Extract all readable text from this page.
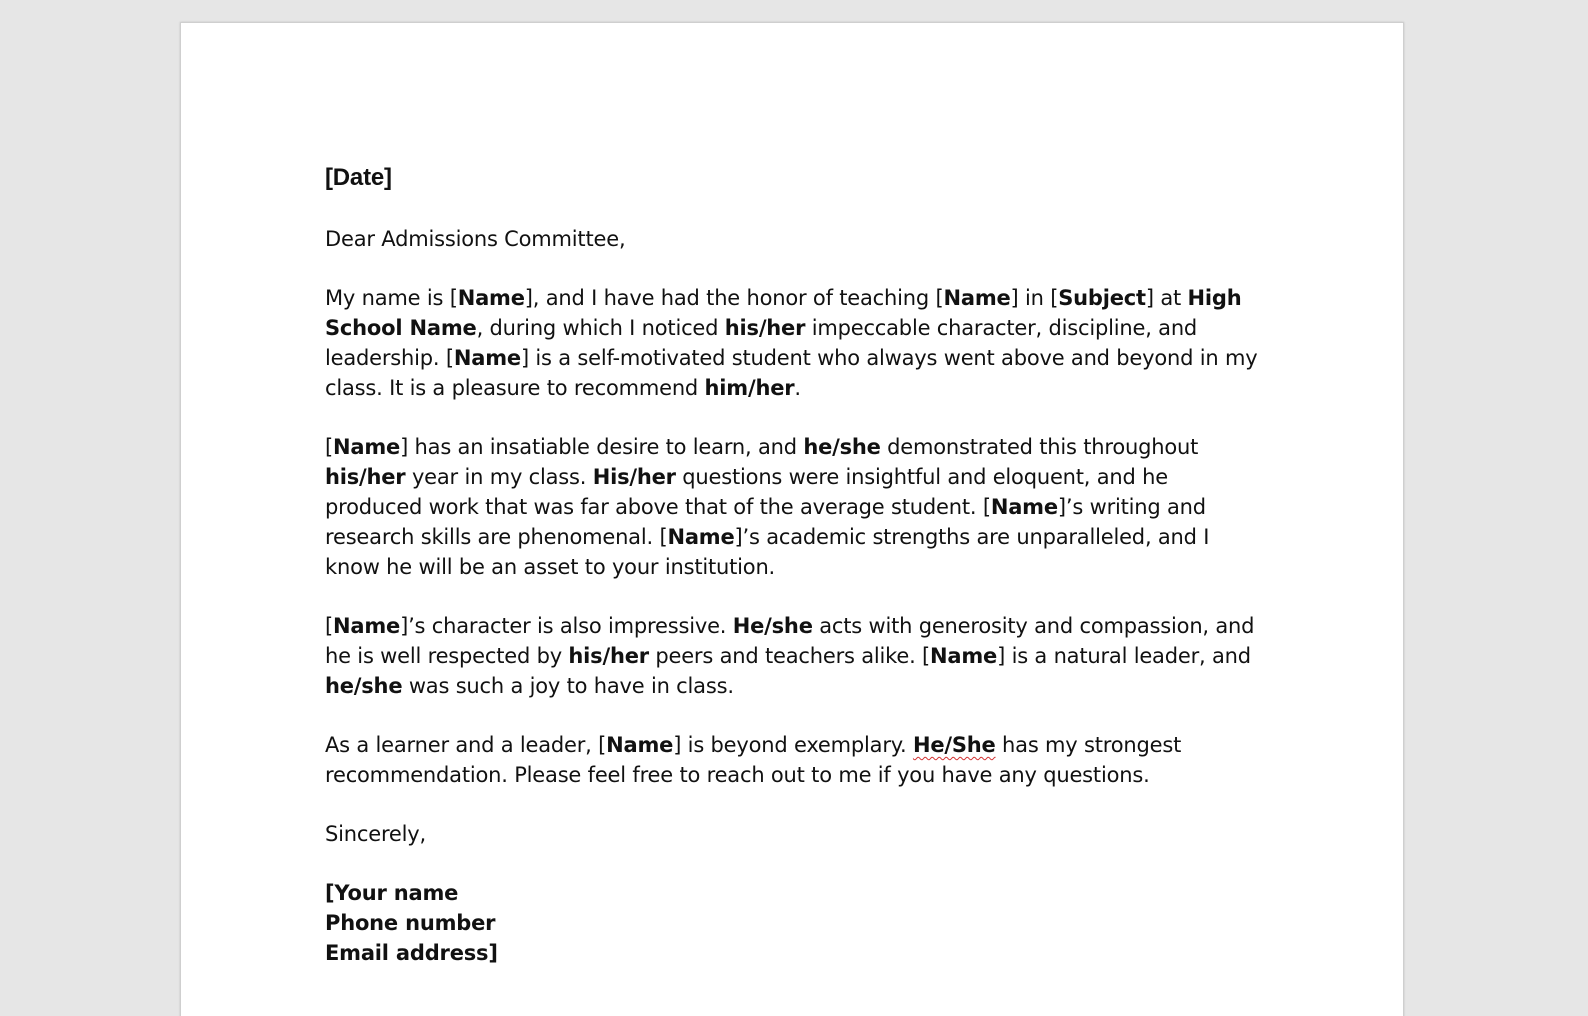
[Date]

Dear Admissions Committee,

My name is [Name], and I have had the honor of teaching [Name] in [Subject] at High School Name, during which I noticed his/her impeccable character, discipline, and leadership. [Name] is a self-motivated student who always went above and beyond in my class. It is a pleasure to recommend him/her.

[Name] has an insatiable desire to learn, and he/she demonstrated this throughout his/her year in my class. His/her questions were insightful and eloquent, and he produced work that was far above that of the average student. [Name]’s writing and research skills are phenomenal. [Name]’s academic strengths are unparalleled, and I know he will be an asset to your institution.

[Name]’s character is also impressive. He/she acts with generosity and compassion, and he is well respected by his/her peers and teachers alike. [Name] is a natural leader, and he/she was such a joy to have in class.

As a learner and a leader, [Name] is beyond exemplary. He/She has my strongest recommendation. Please feel free to reach out to me if you have any questions.

Sincerely,

[Your name
Phone number
Email address]
